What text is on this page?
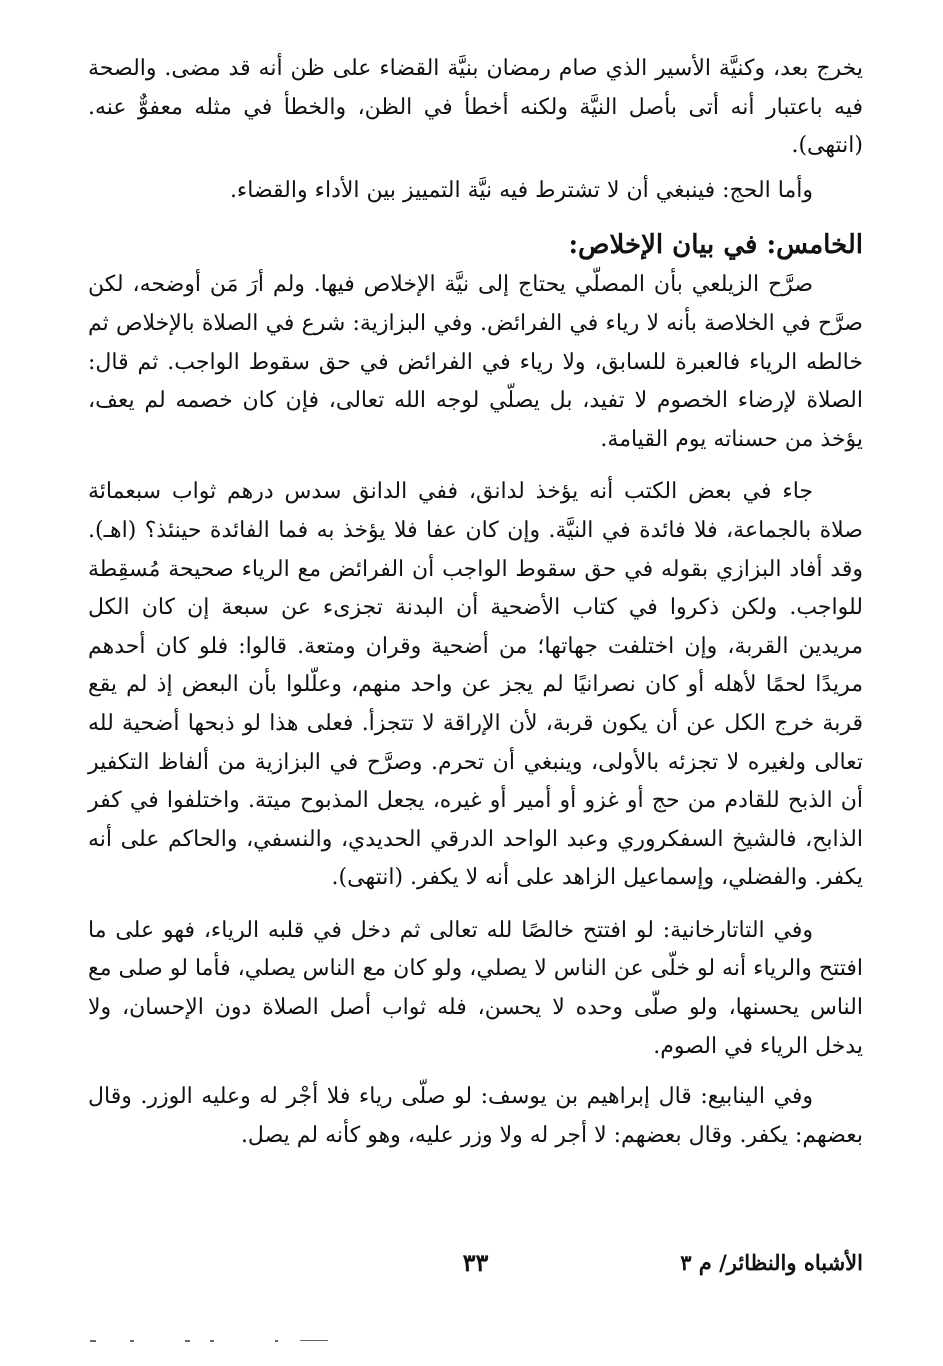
يخرج بعد، وكنيَّة الأسير الذي صام رمضان بنيَّة القضاء على ظن أنه قد مضى. والصحة فيه باعتبار أنه أتى بأصل النيَّة ولكنه أخطأ في الظن، والخطأ في مثله معفوٌّ عنه. (انتهى).

وأما الحج: فينبغي أن لا تشترط فيه نيَّة التمييز بين الأداء والقضاء.

الخامس: في بيان الإخلاص:

صرَّح الزيلعي بأن المصلّي يحتاج إلى نيَّة الإخلاص فيها. ولم أرَ مَن أوضحه، لكن صرَّح في الخلاصة بأنه لا رياء في الفرائض. وفي البزازية: شرع في الصلاة بالإخلاص ثم خالطه الرياء فالعبرة للسابق، ولا رياء في الفرائض في حق سقوط الواجب. ثم قال: الصلاة لإرضاء الخصوم لا تفيد، بل يصلّي لوجه الله تعالى، فإن كان خصمه لم يعف، يؤخذ من حسناته يوم القيامة.

جاء في بعض الكتب أنه يؤخذ لدانق، ففي الدانق سدس درهم ثواب سبعمائة صلاة بالجماعة، فلا فائدة في النيَّة. وإن كان عفا فلا يؤخذ به فما الفائدة حينئذ؟ (اهـ). وقد أفاد البزازي بقوله في حق سقوط الواجب أن الفرائض مع الرياء صحيحة مُسقِطة للواجب. ولكن ذكروا في كتاب الأضحية أن البدنة تجزىء عن سبعة إن كان الكل مريدين القربة، وإن اختلفت جهاتها؛ من أضحية وقران ومتعة. قالوا: فلو كان أحدهم مريدًا لحمًا لأهله أو كان نصرانيًا لم يجز عن واحد منهم، وعلّلوا بأن البعض إذ لم يقع قربة خرج الكل عن أن يكون قربة، لأن الإراقة لا تتجزأ. فعلى هذا لو ذبحها أضحية لله تعالى ولغيره لا تجزئه بالأولى، وينبغي أن تحرم. وصرَّح في البزازية من ألفاظ التكفير أن الذبح للقادم من حج أو غزو أو أمير أو غيره، يجعل المذبوح ميتة. واختلفوا في كفر الذابح، فالشيخ السفكروري وعبد الواحد الدرقي الحديدي، والنسفي، والحاكم على أنه يكفر. والفضلي، وإسماعيل الزاهد على أنه لا يكفر. (انتهى).

وفي التاتارخانية: لو افتتح خالصًا لله تعالى ثم دخل في قلبه الرياء، فهو على ما افتتح والرياء أنه لو خلّى عن الناس لا يصلي، ولو كان مع الناس يصلي، فأما لو صلى مع الناس يحسنها، ولو صلّى وحده لا يحسن، فله ثواب أصل الصلاة دون الإحسان، ولا يدخل الرياء في الصوم.

وفي الينابيع: قال إبراهيم بن يوسف: لو صلّى رياء فلا أجْر له وعليه الوزر. وقال بعضهم: يكفر. وقال بعضهم: لا أجر له ولا وزر عليه، وهو كأنه لم يصل.

الأشباه والنظائر/ م ٣
٣٣
